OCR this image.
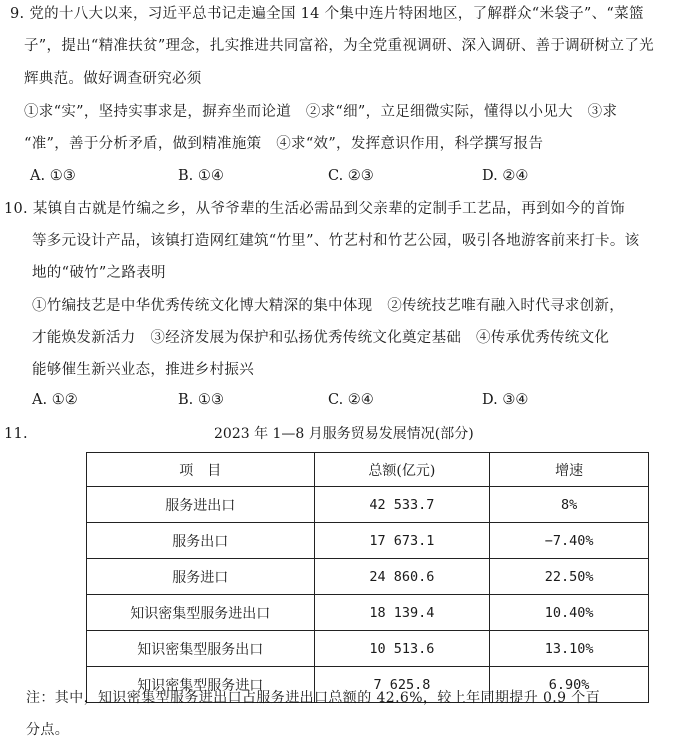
9. 党的十八大以来，习近平总书记走遍全国 14 个集中连片特困地区，了解群众“米袋子”、“菜篮
子”，提出“精准扶贫”理念，扎实推进共同富裕，为全党重视调研、深入调研、善于调研树立了光
辉典范。做好调查研究必须
①求“实”，坚持实事求是，摒弃坐而论道　②求“细”，立足细微实际，懂得以小见大　③求
“准”，善于分析矛盾，做到精准施策　④求“效”，发挥意识作用，科学撰写报告
A. ①③	B. ①④	C. ②③	D. ②④
10. 某镇自古就是竹编之乡，从爷爷辈的生活必需品到父亲辈的定制手工艺品，再到如今的首饰
等多元设计产品，该镇打造网红建筑“竹里”、竹艺村和竹艺公园，吸引各地游客前来打卡。该
地的“破竹”之路表明
①竹编技艺是中华优秀传统文化博大精深的集中体现　②传统技艺唯有融入时代寻求创新，
才能焕发新活力　③经济发展为保护和弘扬优秀传统文化奠定基础　④传承优秀传统文化
能够催生新兴业态，推进乡村振兴
A. ①②	B. ①③	C. ②④	D. ③④
11.	2023 年 1—8 月服务贸易发展情况(部分)
项　目	总额(亿元)	增速
服务进出口	42 533.7	8%
服务出口	17 673.1	−7.40%
服务进口	24 860.6	22.50%
知识密集型服务进出口	18 139.4	10.40%
知识密集型服务出口	10 513.6	13.10%
知识密集型服务进口	7 625.8	6.90%
注：其中，知识密集型服务进出口占服务进出口总额的 42.6%，较上年同期提升 0.9 个百
分点。
